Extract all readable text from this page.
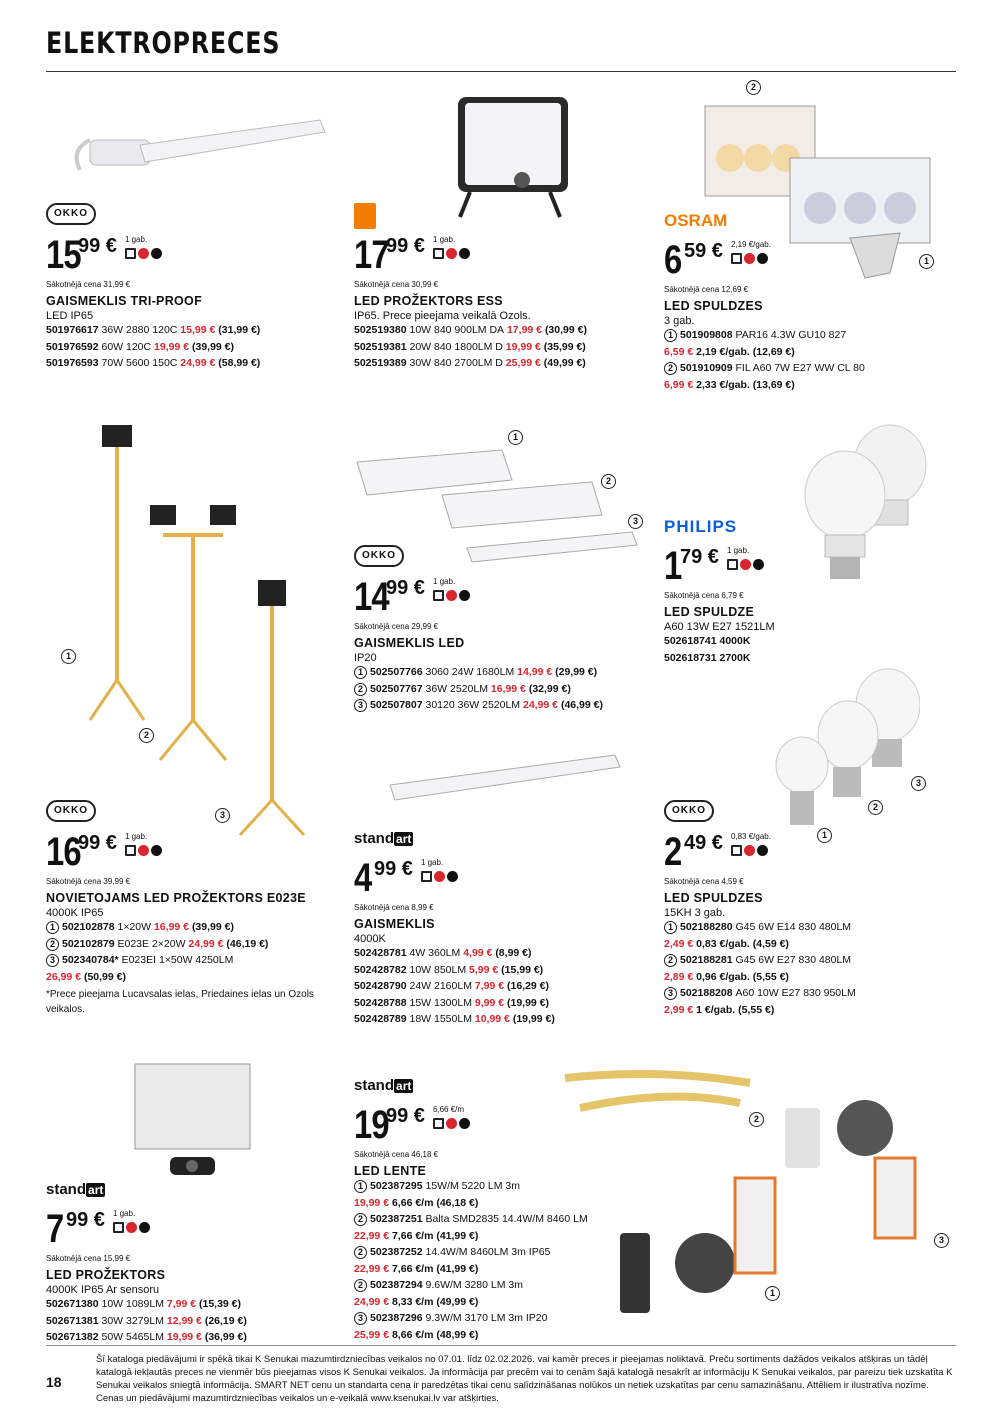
ELEKTROPRECES
2
1
1
2
3
1
2
3
3
2
1
2
3
1
OKKO
15
99 € 1 gab.
Sākotnējā cena 31,99 €
GAISMEKLIS TRI-PROOF
LED IP65
501976617 36W 2880 120C 15,99 € (31,99 €)
501976592 60W 120C 19,99 € (39,99 €)
501976593 70W 5600 150C 24,99 € (58,99 €)
17
99 € 1 gab.
Sākotnējā cena 30,99 €
LED PROŽEKTORS ESS
IP65. Prece pieejama veikalā Ozols.
502519380 10W 840 900LM DA 17,99 € (30,99 €)
502519381 20W 840 1800LM D 19,99 € (35,99 €)
502519389 30W 840 2700LM D 25,99 € (49,99 €)
OSRAM
6 59 € 2,19 €/gab.
Sākotnējā cena 12,69 €
LED SPULDZES
3 gab.
1 501909808 PAR16 4.3W GU10 827
6,59 € 2,19 €/gab. (12,69 €)
2 501910909 FIL A60 7W E27 WW CL 80
6,99 € 2,33 €/gab. (13,69 €)
OKKO
14
99 € 1 gab.
Sākotnējā cena 29,99 €
GAISMEKLIS LED
IP20
1 502507766 3060 24W 1680LM 14,99 € (29,99 €)
2 502507767 36W 2520LM 16,99 € (32,99 €)
3 502507807 30120 36W 2520LM 24,99 € (46,99 €)
PHILIPS
1
79 € 1 gab.
Sākotnējā cena 6,79 €
LED SPULDZE
A60 13W E27 1521LM
502618741 4000K
502618731 2700K
OKKO
16
99 € 1 gab.
Sākotnējā cena 39,99 €
NOVIETOJAMS LED PROŽEKTORS E023E
4000K IP65
1 502102878 1×20W 16,99 € (39,99 €)
2 502102879 E023E 2×20W 24,99 € (46,19 €)
3 502340784* E023EI 1×50W 4250LM
26,99 € (50,99 €)
*Prece pieejama Lucavsalas ielas, Priedaines ielas un Ozols veikalos.
stand art
4 99 € 1 gab.
Sākotnējā cena 8,99 €
GAISMEKLIS
4000K
502428781 4W 360LM 4,99 € (8,99 €)
502428782 10W 850LM 5,99 € (15,99 €)
502428790 24W 2160LM 7,99 € (16,29 €)
502428788 15W 1300LM 9,99 € (19,99 €)
502428789 18W 1550LM 10,99 € (19,99 €)
OKKO
2 49 € 0,83 €/gab.
Sākotnējā cena 4,59 €
LED SPULDZES
15KH 3 gab.
1 502188280 G45 6W E14 830 480LM
2,49 € 0,83 €/gab. (4,59 €)
2 502188281 G45 6W E27 830 480LM
2,89 € 0,96 €/gab. (5,55 €)
3 502188208 A60 10W E27 830 950LM
2,99 € 1 €/gab. (5,55 €)
stand art
7 99 € 1 gab.
Sākotnējā cena 15,99 €
LED PROŽEKTORS
4000K IP65 Ar sensoru
502671380 10W 1089LM 7,99 € (15,39 €)
502671381 30W 3279LM 12,99 € (26,19 €)
502671382 50W 5465LM 19,99 € (36,99 €)
stand art
19
99 € 6,66 €/m
Sākotnējā cena 46,18 €
LED LENTE
1 502387295 15W/M 5220 LM 3m
19,99 € 6,66 €/m (46,18 €)
2 502387251 Balta SMD2835 14.4W/M 8460 LM
22,99 € 7,66 €/m (41,99 €)
2 502387252 14.4W/M 8460LM 3m IP65
22,99 € 7,66 €/m (41,99 €)
2 502387294 9.6W/M 3280 LM 3m
24,99 € 8,33 €/m (49,99 €)
3 502387296 9.3W/M 3170 LM 3m IP20
25,99 € 8,66 €/m (48,99 €)
18
Šī kataloga piedāvājumi ir spēkā tikai K Senukai mazumtirdzniecības veikalos no 07.01. līdz 02.02.2026. vai kamēr preces ir pieejamas noliktavā. Preču sortiments dažādos veikalos atšķiras un tādēļ katalogā iekļautās preces ne vienmēr būs pieejamas visos K Senukai veikalos. Ja informācija par precēm vai to cenām šajā katalogā nesakrīt ar informāciju K Senukai veikalos, par pareizu tiek uzskatīta K Senukai veikalos sniegtā informācija. SMART NET cenu un standarta cena ir paredzētas tikai cenu salīdzināšanas nolūkos un netiek uzskatītas par cenu samazināšanu. Attēliem ir ilustratīva nozīme. Cenas un piedāvājumi mazumtirdzniecības veikalos un e-veikalā www.ksenukai.lv var atšķirties.
